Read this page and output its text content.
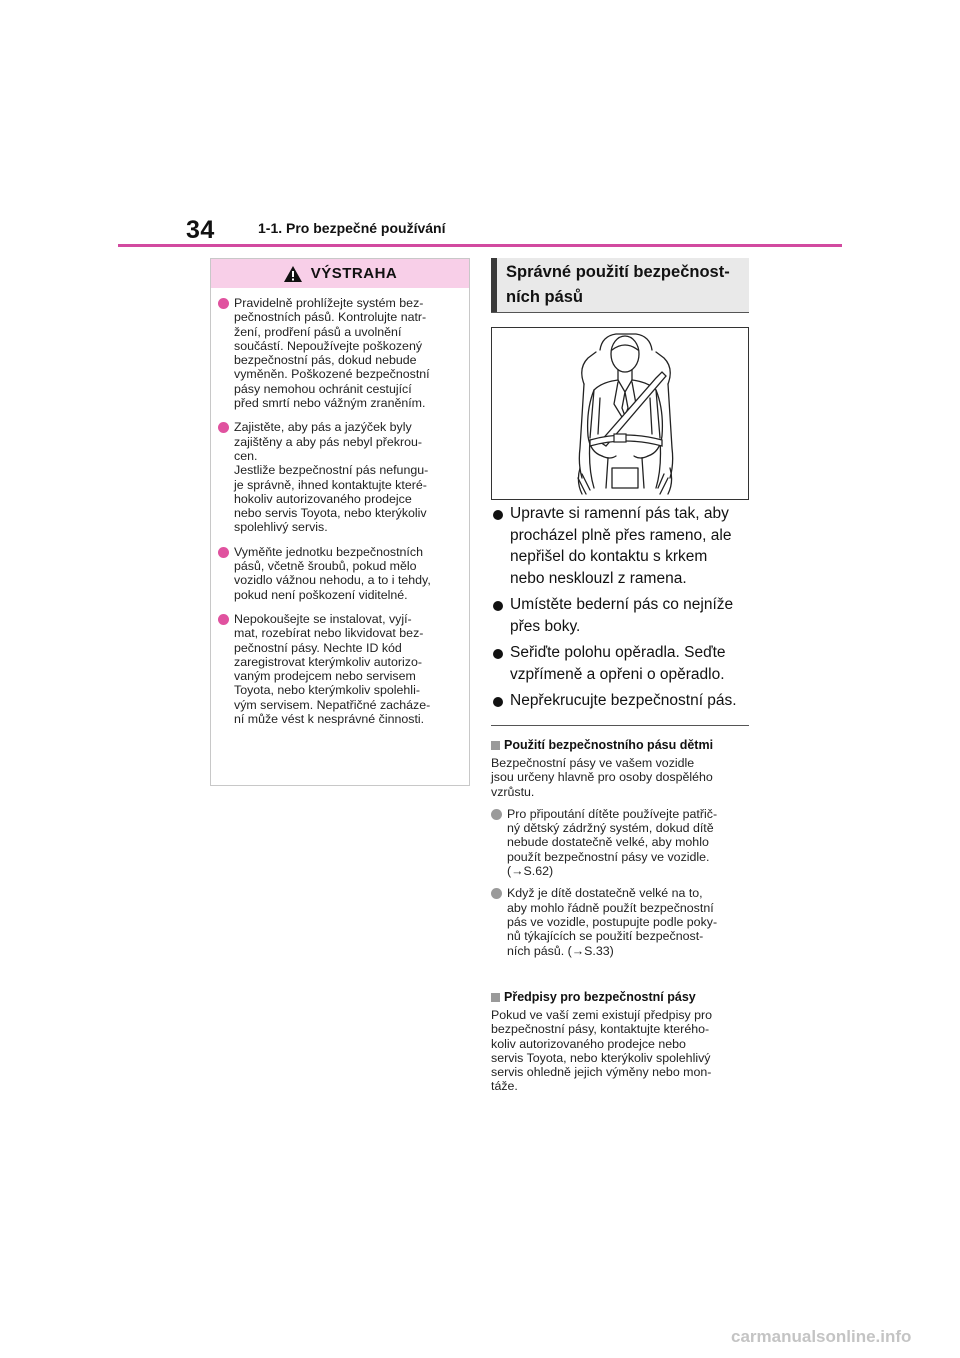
34	1-1. Pro bezpečné používání
VÝSTRAHA
Pravidelně prohlížejte systém bez-
pečnostních pásů. Kontrolujte natr-
žení, prodření pásů a uvolnění
součástí. Nepoužívejte poškozený
bezpečnostní pás, dokud nebude
vyměněn. Poškozené bezpečnostní
pásy nemohou ochránit cestující
před smrtí nebo vážným zraněním.
Zajistěte, aby pás a jazýček byly
zajištěny a aby pás nebyl překrou-
cen.
Jestliže bezpečnostní pás nefungu-
je správně, ihned kontaktujte které-
hokoliv autorizovaného prodejce
nebo servis Toyota, nebo kterýkoliv
spolehlivý servis.
Vyměňte jednotku bezpečnostních
pásů, včetně šroubů, pokud mělo
vozidlo vážnou nehodu, a to i tehdy,
pokud není poškození viditelné.
Nepokoušejte se instalovat, vyjí-
mat, rozebírat nebo likvidovat bez-
pečnostní pásy. Nechte ID kód
zaregistrovat kterýmkoliv autorizo-
vaným prodejcem nebo servisem
Toyota, nebo kterýmkoliv spolehli-
vým servisem. Nepatřičné zacháze-
ní může vést k nesprávné činnosti.
Správné použití bezpečnost-
ních pásů
Upravte si ramenní pás tak, aby
procházel plně přes rameno, ale
nepřišel do kontaktu s krkem
nebo nesklouzl z ramena.
Umístěte bederní pás co nejníže
přes boky.
Seřiďte polohu opěradla. Seďte
vzpřímeně a opřeni o opěradlo.
Nepřekrucujte bezpečnostní pás.
Použití bezpečnostního pásu dětmi
Bezpečnostní pásy ve vašem vozidle
jsou určeny hlavně pro osoby dospělého
vzrůstu.
Pro připoutání dítěte používejte patřič-
ný dětský zádržný systém, dokud dítě
nebude dostatečně velké, aby mohlo
použít bezpečnostní pásy ve vozidle.
(→S.62)
Když je dítě dostatečně velké na to,
aby mohlo řádně použít bezpečnostní
pás ve vozidle, postupujte podle poky-
nů týkajících se použití bezpečnost-
ních pásů. (→S.33)
Předpisy pro bezpečnostní pásy
Pokud ve vaší zemi existují předpisy pro
bezpečnostní pásy, kontaktujte kteréhо-
koliv autorizovaného prodejce nebo
servis Toyota, nebo kterýkoliv spolehlivý
servis ohledně jejich výměny nebo mon-
táže.
carmanualsonline.info
